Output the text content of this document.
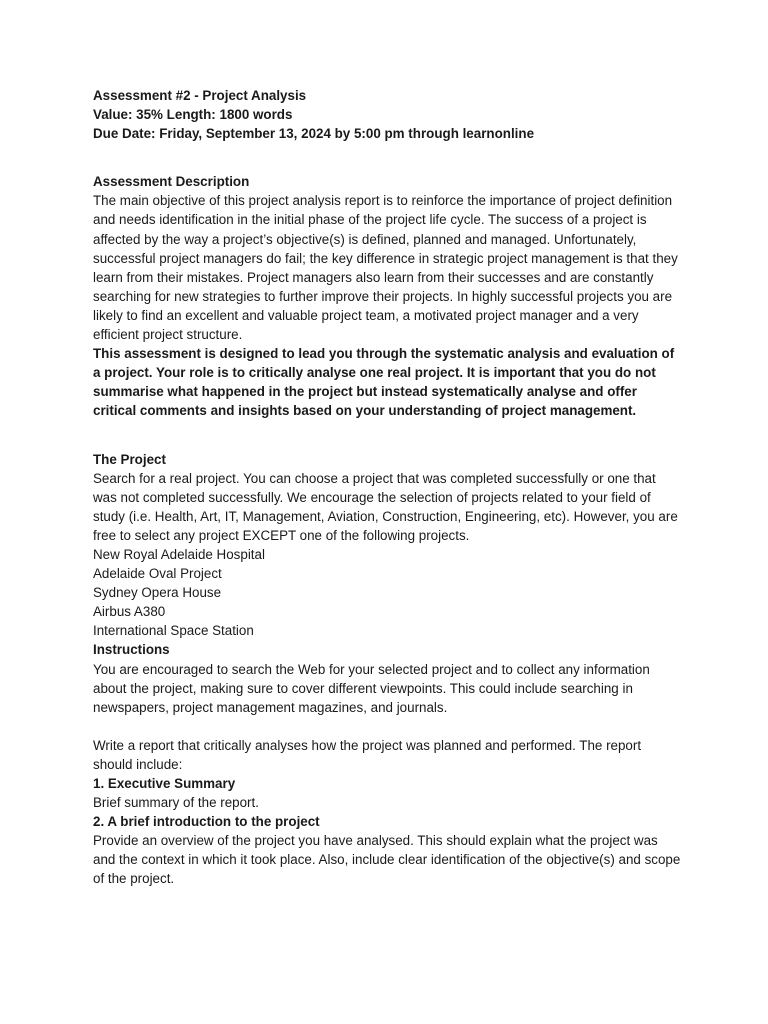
Assessment #2 - Project Analysis

Value: 35% Length: 1800 words

Due Date: Friday, September 13, 2024 by 5:00 pm through learnonline

Assessment Description

The main objective of this project analysis report is to reinforce the importance of project definition and needs identification in the initial phase of the project life cycle. The success of a project is affected by the way a project’s objective(s) is defined, planned and managed. Unfortunately, successful project managers do fail; the key difference in strategic project management is that they learn from their mistakes. Project managers also learn from their successes and are constantly searching for new strategies to further improve their projects. In highly successful projects you are likely to find an excellent and valuable project team, a motivated project manager and a very efficient project structure.

This assessment is designed to lead you through the systematic analysis and evaluation of a project. Your role is to critically analyse one real project. It is important that you do not summarise what happened in the project but instead systematically analyse and offer critical comments and insights based on your understanding of project management.

The Project

Search for a real project. You can choose a project that was completed successfully or one that was not completed successfully. We encourage the selection of projects related to your field of study (i.e. Health, Art, IT, Management, Aviation, Construction, Engineering, etc). However, you are free to select any project EXCEPT one of the following projects.

New Royal Adelaide Hospital

Adelaide Oval Project

Sydney Opera House

Airbus A380

International Space Station

Instructions

You are encouraged to search the Web for your selected project and to collect any information about the project, making sure to cover different viewpoints. This could include searching in newspapers, project management magazines, and journals.

Write a report that critically analyses how the project was planned and performed. The report should include:

1. Executive Summary

Brief summary of the report.

2. A brief introduction to the project

Provide an overview of the project you have analysed. This should explain what the project was and the context in which it took place. Also, include clear identification of the objective(s) and scope of the project.
